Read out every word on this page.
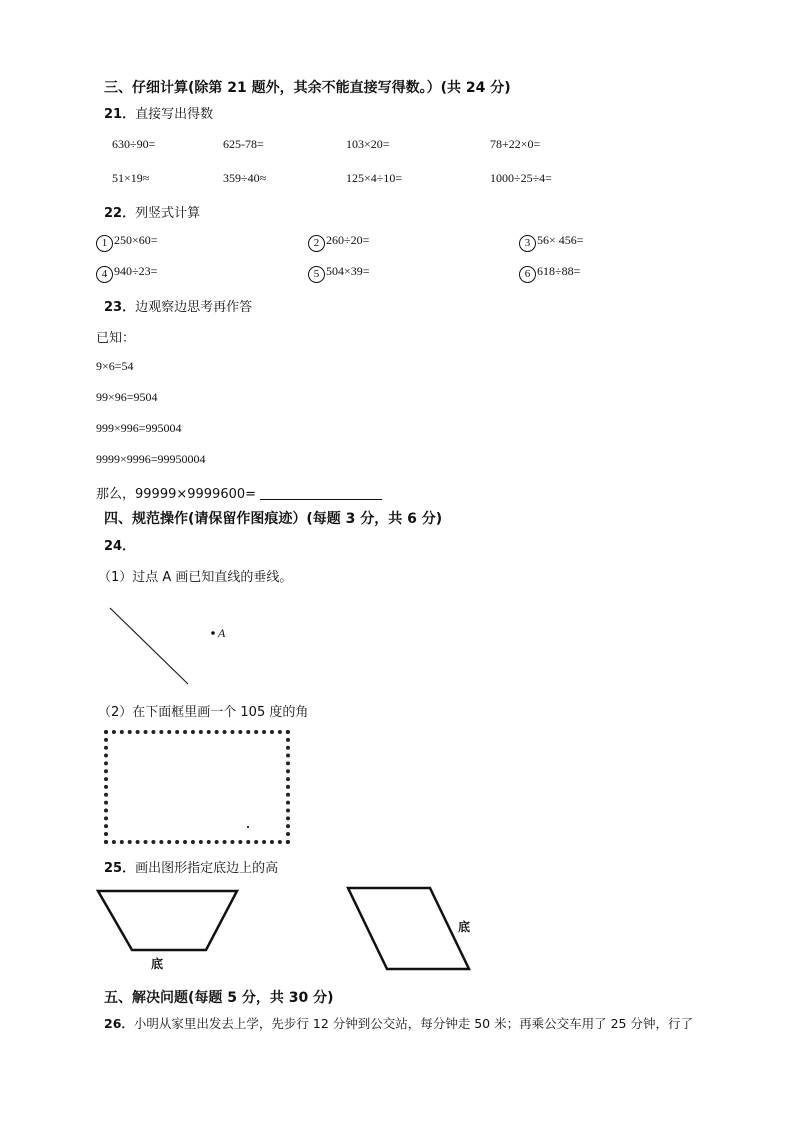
三、仔细计算(除第 21 题外，其余不能直接写得数。）(共 24 分)
21．直接写出得数
630÷90=	625-78=	103×20=	78+22×0=
51×19≈	359÷40≈	125×4÷10=	1000÷25÷4=
22．列竖式计算
1 250×60=	2 260÷20=	3 56× 456=
4 940÷23=	5 504×39=	6 618÷88=
23．边观察边思考再作答
已知：
9×6=54
99×96=9504
999×996=995004
9999×9996=99950004
那么，99999×9999600=
四、规范操作(请保留作图痕迹）(每题 3 分，共 6 分)
24．
（1）过点 A 画已知直线的垂线。
A
（2）在下面框里画一个 105 度的角
25．画出图形指定底边上的高
底
底
五、解决问题(每题 5 分，共 30 分)
26．小明从家里出发去上学，先步行 12 分钟到公交站，每分钟走 50 米；再乘公交车用了 25 分钟，行了
